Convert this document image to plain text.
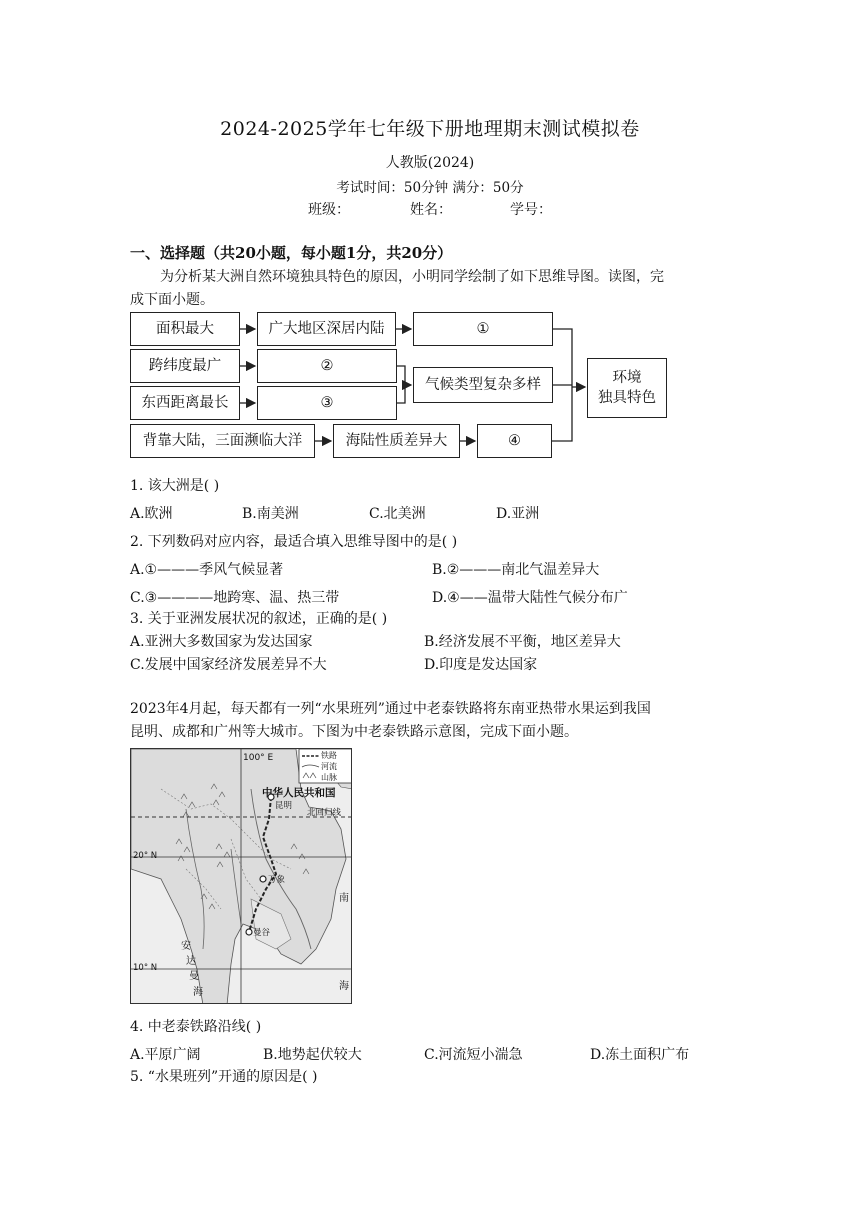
2024-2025学年七年级下册地理期末测试模拟卷
人教版(2024)
考试时间：50分钟 满分：50分
班级：	姓名：	学号：
一、选择题（共20小题，每小题1分，共20分）
为分析某大洲自然环境独具特色的原因，小明同学绘制了如下思维导图。读图，完
成下面小题。
面积最大	广大地区深居内陆	①
跨纬度最广	②
东西距离最长	③
气候类型复杂多样	环境
独具特色
背靠大陆，三面濒临大洋	海陆性质差异大	④
1. 该大洲是( )
A.欧洲	B.南美洲	C.北美洲	D.亚洲
2. 下列数码对应内容，最适合填入思维导图中的是( )
A.①———季风气候显著	B.②———南北气温差异大
C.③————地跨寒、温、热三带	D.④——温带大陆性气候分布广
3. 关于亚洲发展状况的叙述，正确的是( )
A.亚洲大多数国家为发达国家	B.经济发展不平衡，地区差异大
C.发展中国家经济发展差异不大	D.印度是发达国家
2023年4月起，每天都有一列“水果班列”通过中老泰铁路将东南亚热带水果运到我国
昆明、成都和广州等大城市。下图为中老泰铁路示意图，完成下面小题。
100° E	铁路
河流
山脉
中华人民共和国
昆明
北回归线
20° N
万象
曼谷
10° N
安
达
曼
海
南
海
4. 中老泰铁路沿线( )
A.平原广阔	B.地势起伏较大	C.河流短小湍急	D.冻土面积广布
5. “水果班列”开通的原因是( )
